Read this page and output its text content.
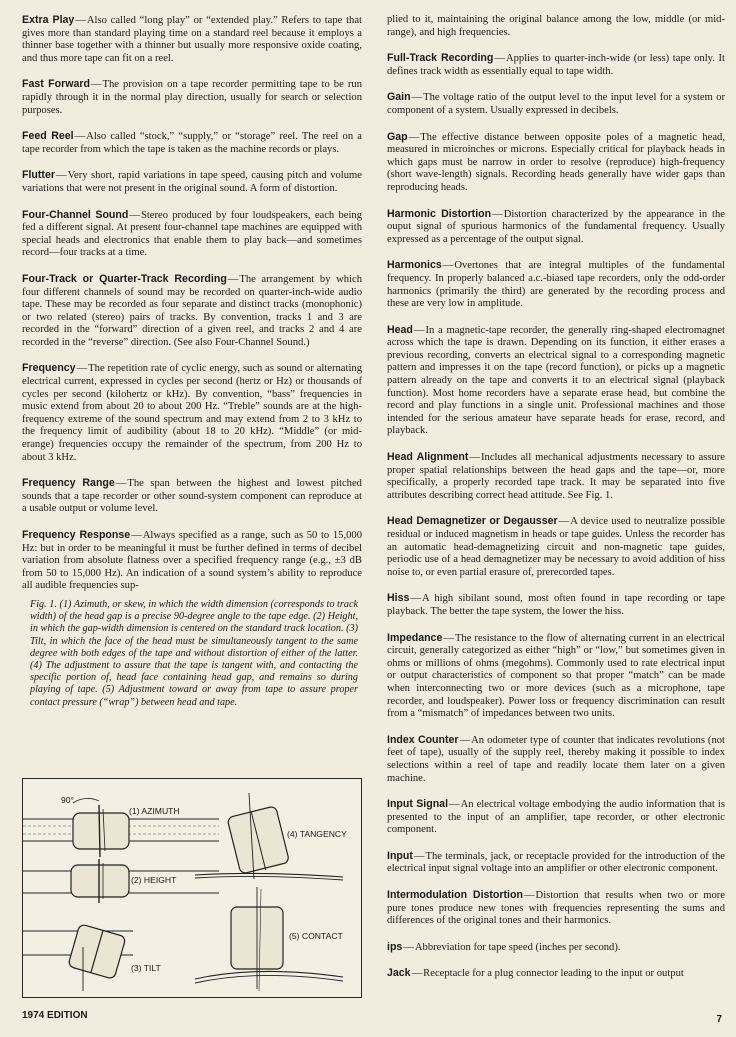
Extra Play—Also called “long play” or “extended play.” Refers to tape that gives more than standard playing time on a standard reel because it employs a thinner base together with a thinner but usually more responsive oxide coating, and thus more tape can fit on a reel.

Fast Forward—The provision on a tape recorder permitting tape to be run rapidly through it in the normal play direction, usually for search or selection purposes.

Feed Reel—Also called “stock,” “supply,” or “storage” reel. The reel on a tape recorder from which the tape is taken as the machine records or plays.

Flutter—Very short, rapid variations in tape speed, causing pitch and volume variations that were not present in the original sound. A form of distortion.

Four-Channel Sound—Stereo produced by four loudspeakers, each being fed a different signal. At present four-channel tape machines are equipped with special heads and electronics that enable them to play back—and sometimes record—four tracks at a time.

Four-Track or Quarter-Track Recording—The arrangement by which four different channels of sound may be recorded on quarter-inch-wide audio tape. These may be recorded as four separate and distinct tracks (monophonic) or two related (stereo) pairs of tracks. By convention, tracks 1 and 3 are recorded in the “forward” direction of a given reel, and tracks 2 and 4 are recorded in the “reverse” direction. (See also Four-Channel Sound.)

Frequency—The repetition rate of cyclic energy, such as sound or alternating electrical current, expressed in cycles per second (hertz or Hz) or thousands of cycles per second (kilohertz or kHz). By convention, “bass” frequencies in music extend from about 20 to about 200 Hz. “Treble” sounds are at the high-frequency extreme of the sound spectrum and may extend from 2 to 3 kHz to the frequency limit of audibility (about 18 to 20 kHz). “Middle” (or mid-erange) frequencies occupy the remainder of the spectrum, from 200 Hz to about 3 kHz.

Frequency Range—The span between the highest and lowest pitched sounds that a tape recorder or other sound-system component can reproduce at a usable output or volume level.

Frequency Response—Always specified as a range, such as 50 to 15,000 Hz: but in order to be meaningful it must be further defined in terms of decibel variation from absolute flatness over a specified frequency range (e.g., ±3 dB from 50 to 15,000 Hz). An indication of a sound system’s ability to reproduce all audible frequencies sup-

Fig. 1. (1) Azimuth, or skew, in which the width dimension (corresponds to track width) of the head gap is a precise 90-degree angle to the tape edge. (2) Height, in which the gap-width dimension is centered on the standard track location. (3) Tilt, in which the face of the head must be simultaneously tangent to the same degree with both edges of the tape and without distortion of either of the latter. (4) The adjustment to assure that the tape is tangent with, and contacting the specific portion of, head face containing head gap, and remains so during playing of tape. (5) Adjustment toward or away from tape to assure proper contact pressure (“wrap”) between head and tape.

90°
(1) AZIMUTH
(2) HEIGHT
(3) TILT
(4) TANGENCY
(5) CONTACT

plied to it, maintaining the original balance among the low, middle (or mid-range), and high frequencies.

Full-Track Recording—Applies to quarter-inch-wide (or less) tape only. It defines track width as essentially equal to tape width.

Gain—The voltage ratio of the output level to the input level for a system or component of a system. Usually expressed in decibels.

Gap—The effective distance between opposite poles of a magnetic head, measured in microinches or microns. Especially critical for playback heads in which gaps must be narrow in order to resolve (reproduce) high-frequency (short wave-length) signals. Recording heads generally have wider gaps than reproducing heads.

Harmonic Distortion—Distortion characterized by the appearance in the ouput signal of spurious harmonics of the fundamental frequency. Usually expressed as a percentage of the output signal.

Harmonics—Overtones that are integral multiples of the fundamental frequency. In properly balanced a.c.-biased tape recorders, only the odd-order harmonics (primarily the third) are generated by the recording process and these are very low in amplitude.

Head—In a magnetic-tape recorder, the generally ring-shaped electromagnet across which the tape is drawn. Depending on its function, it either erases a previous recording, converts an electrical signal to a corresponding magnetic pattern and impresses it on the tape (record function), or picks up a magnetic pattern already on the tape and converts it to an electrical signal (playback function). Most home recorders have a separate erase head, but combine the record and play functions in a single unit. Professional machines and those intended for the serious amateur have separate heads for erase, record, and playback.

Head Alignment—Includes all mechanical adjustments necessary to assure proper spatial relationships between the head gaps and the tape—or, more specifically, a properly recorded tape track. It may be separated into five attributes describing correct head attitude. See Fig. 1.

Head Demagnetizer or Degausser—A device used to neutralize possible residual or induced magnetism in heads or tape guides. Unless the recorder has an automatic head-demagnetizing circuit and non-magnetic tape guides, periodic use of a head demagnetizer may be necessary to avoid addition of hiss noise to, or even partial erasure of, prerecorded tapes.

Hiss—A high sibilant sound, most often found in tape recording or tape playback. The better the tape system, the lower the hiss.

Impedance—The resistance to the flow of alternating current in an electrical circuit, generally categorized as either “high” or “low,” but sometimes given in ohms or millions of ohms (megohms). Commonly used to rate electrical input or output characteristics of component so that proper “match” can be made when interconnecting two or more devices (such as a microphone, tape recorder, and loudspeaker). Power loss or frequency discrimination can result from a “mismatch” of impedances between two units.

Index Counter—An odometer type of counter that indicates revolutions (not feet of tape), usually of the supply reel, thereby making it possible to index selections within a reel of tape and readily locate them later on a given machine.

Input Signal—An electrical voltage embodying the audio information that is presented to the input of an amplifier, tape recorder, or other electronic component.

Input—The terminals, jack, or receptacle provided for the introduction of the electrical input signal voltage into an amplifier or other electronic component.

Intermodulation Distortion—Distortion that results when two or more pure tones produce new tones with frequencies representing the sums and differences of the original tones and their harmonics.

ips—Abbreviation for tape speed (inches per second).

Jack—Receptacle for a plug connector leading to the input or output

1974 EDITION	7
